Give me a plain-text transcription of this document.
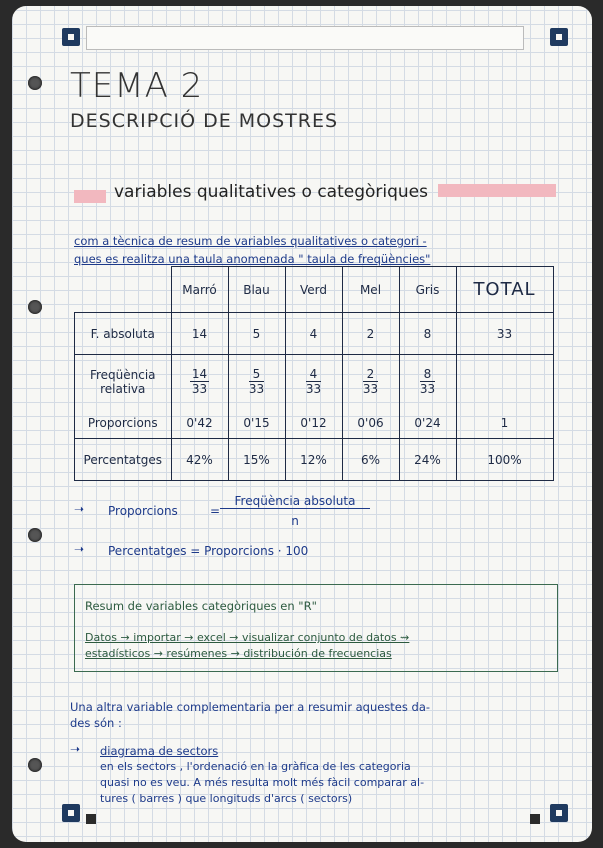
TEMA 2
DESCRIPCIÓ DE MOSTRES
variables qualitatives o categòriques
com a tècnica de resum de variables qualitatives o categori -
ques es realitza una taula anomenada " taula de freqüències"
	Marró	Blau	Verd	Mel	Gris	TOTAL
F. absoluta	14	5	4	2	8	33
Freqüència relativa	$\frac{14}{33}$	$\frac{5}{33}$	$\frac{4}{33}$	$\frac{2}{33}$	$\frac{8}{33}$	
Proporcions	0'42	0'15	0'12	0'06	0'24	1
Percentatges	42%	15%	12%	6%	24%	100%
➝ Proporcions	=
Freqüència absoluta
n
➝ Percentatges = Proporcions · 100
Resum de variables categòriques en "R"
Datos → importar → excel → visualizar conjunto de datos ⇝
estadísticos → resúmenes → distribución de frecuencias
Una altra variable complementaria per a resumir aquestes da-
des són :
➝ diagrama de sectors
en els sectors , l'ordenació en la gràfica de les categoria
quasi no es veu. A més resulta molt més fàcil comparar al-
tures ( barres ) que longituds d'arcs ( sectors)
